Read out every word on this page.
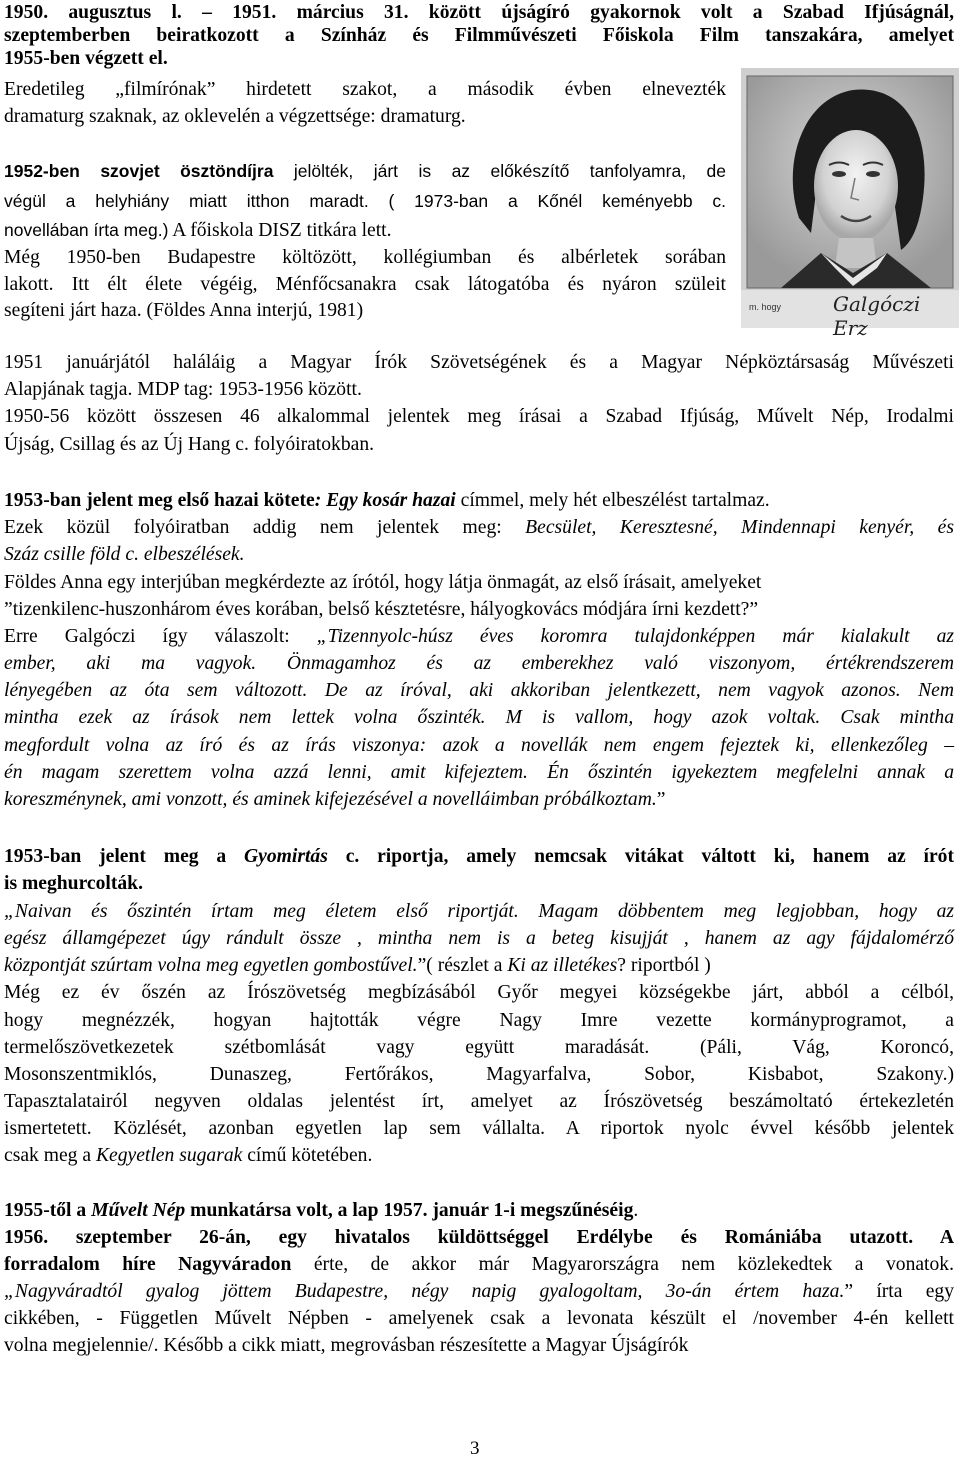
1950. augusztus l. – 1951. március 31. között újságíró gyakornok volt a Szabad Ifjúságnál,
szeptemberben beiratkozott a Színház és Filmművészeti Főiskola Film tanszakára, amelyet
1955-ben végzett el.
Eredetileg „filmírónak” hirdetett szakot, a második évben elnevezték
dramaturg szaknak, az oklevelén a végzettsége: dramaturg.
1952-ben szovjet ösztöndíjra jelölték, járt is az előkészítő tanfolyamra, de
végül a helyhiány miatt itthon maradt. ( 1973-ban a Kőnél keményebb c.
novellában írta meg.) A főiskola DISZ titkára lett.
Még 1950-ben Budapestre költözött, kollégiumban és albérletek sorában
lakott. Itt élt élete végéig, Ménfőcsanakra csak látogatóba és nyáron szüleit
segíteni járt haza. (Földes Anna interjú, 1981)	m. hogy	Galgóczi Erz
1951 januárjától haláláig a Magyar Írók Szövetségének és a Magyar Népköztársaság Művészeti
Alapjának tagja. MDP tag: 1953-1956 között.
1950-56 között összesen 46 alkalommal jelentek meg írásai a Szabad Ifjúság, Művelt Nép, Irodalmi
Újság, Csillag és az Új Hang c. folyóiratokban.
1953-ban jelent meg első hazai kötete: Egy kosár hazai címmel, mely hét elbeszélést tartalmaz.
Ezek közül folyóiratban addig nem jelentek meg: Becsület, Keresztesné, Mindennapi kenyér, és
Száz csille föld c. elbeszélések.
Földes Anna egy interjúban megkérdezte az írótól, hogy látja önmagát, az első írásait, amelyeket
”tizenkilenc-huszonhárom éves korában, belső késztetésre, hályogkovács módjára írni kezdett?”
Erre Galgóczi így válaszolt: „Tizennyolc-húsz éves koromra tulajdonképpen már kialakult az
ember, aki ma vagyok. Önmagamhoz és az emberekhez való viszonyom, értékrendszerem
lényegében az óta sem változott. De az íróval, aki akkoriban jelentkezett, nem vagyok azonos. Nem
mintha ezek az írások nem lettek volna őszinték. M is vallom, hogy azok voltak. Csak mintha
megfordult volna az író és az írás viszonya: azok a novellák nem engem fejeztek ki, ellenkezőleg –
én magam szerettem volna azzá lenni, amit kifejeztem. Én őszintén igyekeztem megfelelni annak a
koreszménynek, ami vonzott, és aminek kifejezésével a novelláimban próbálkoztam.”
1953-ban jelent meg a Gyomirtás c. riportja, amely nemcsak vitákat váltott ki, hanem az írót
is meghurcolták.
„Naivan és őszintén írtam meg életem első riportját. Magam döbbentem meg legjobban, hogy az
egész államgépezet úgy rándult össze , mintha nem is a beteg kisujját , hanem az agy fájdalomérző
központját szúrtam volna meg egyetlen gombostűvel.”( részlet a Ki az illetékes? riportból )
Még ez év őszén az Írószövetség megbízásából Győr megyei községekbe járt, abból a célból,
hogy megnézzék, hogyan hajtották végre Nagy Imre vezette kormányprogramot, a
termelőszövetkezetek szétbomlását vagy együtt maradását. (Páli, Vág, Koroncó,
Mosonszentmiklós, Dunaszeg, Fertőrákos, Magyarfalva, Sobor, Kisbabot, Szakony.)
Tapasztalatairól negyven oldalas jelentést írt, amelyet az Írószövetség beszámoltató értekezletén
ismertetett. Közlését, azonban egyetlen lap sem vállalta. A riportok nyolc évvel később jelentek
csak meg a Kegyetlen sugarak című kötetében.
1955-től a Művelt Nép munkatársa volt, a lap 1957. január 1-i megszűnéséig.
1956. szeptember 26-án, egy hivatalos küldöttséggel Erdélybe és Romániába utazott. A
forradalom híre Nagyváradon érte, de akkor már Magyarországra nem közlekedtek a vonatok.
„Nagyváradtól gyalog jöttem Budapestre, négy napig gyalogoltam, 3o-án értem haza.” írta egy
cikkében, - Független Művelt Népben - amelyenek csak a levonata készült el /november 4-én kellett
volna megjelennie/. Később a cikk miatt, megrovásban részesítette a Magyar Újságírók
3
